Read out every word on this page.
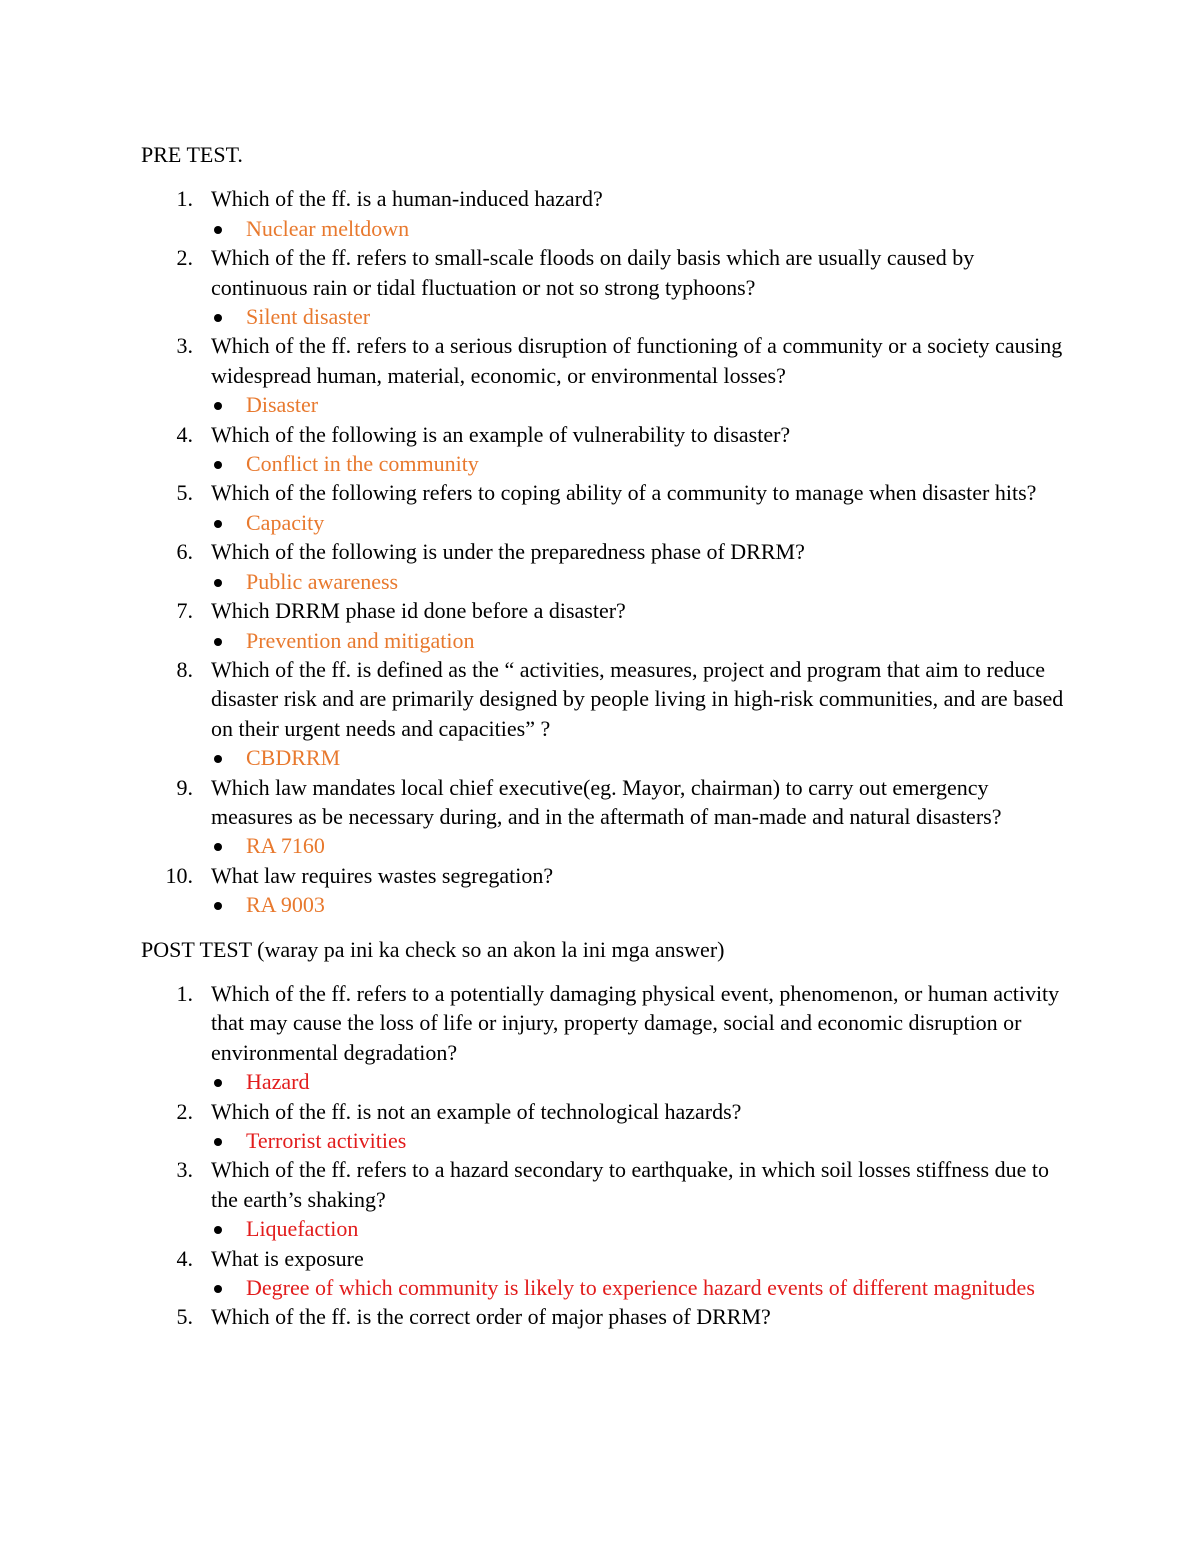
PRE TEST.

1. Which of the ff. is a human-induced hazard?
Nuclear meltdown
2. Which of the ff. refers to small-scale floods on daily basis which are usually caused by continuous rain or tidal fluctuation or not so strong typhoons?
Silent disaster
3. Which of the ff. refers to a serious disruption of functioning of a community or a society causing widespread human, material, economic, or environmental losses?
Disaster
4. Which of the following is an example of vulnerability to disaster?
Conflict in the community
5. Which of the following refers to coping ability of a community to manage when disaster hits?
Capacity
6. Which of the following is under the preparedness phase of DRRM?
Public awareness
7. Which DRRM phase id done before a disaster?
Prevention and mitigation
8. Which of the ff. is defined as the “ activities, measures, project and program that aim to reduce disaster risk and are primarily designed by people living in high-risk communities, and are based on their urgent needs and capacities” ?
CBDRRM
9. Which law mandates local chief executive(eg. Mayor, chairman) to carry out emergency measures as be necessary during, and in the aftermath of man-made and natural disasters?
RA 7160
10. What law requires wastes segregation?
RA 9003

POST TEST (waray pa ini ka check so an akon la ini mga answer)

1. Which of the ff. refers to a potentially damaging physical event, phenomenon, or human activity that may cause the loss of life or injury, property damage, social and economic disruption or environmental degradation?
Hazard
2. Which of the ff. is not an example of technological hazards?
Terrorist activities
3. Which of the ff. refers to a hazard secondary to earthquake, in which soil losses stiffness due to the earth’s shaking?
Liquefaction
4. What is exposure
Degree of which community is likely to experience hazard events of different magnitudes
5. Which of the ff. is the correct order of major phases of DRRM?
